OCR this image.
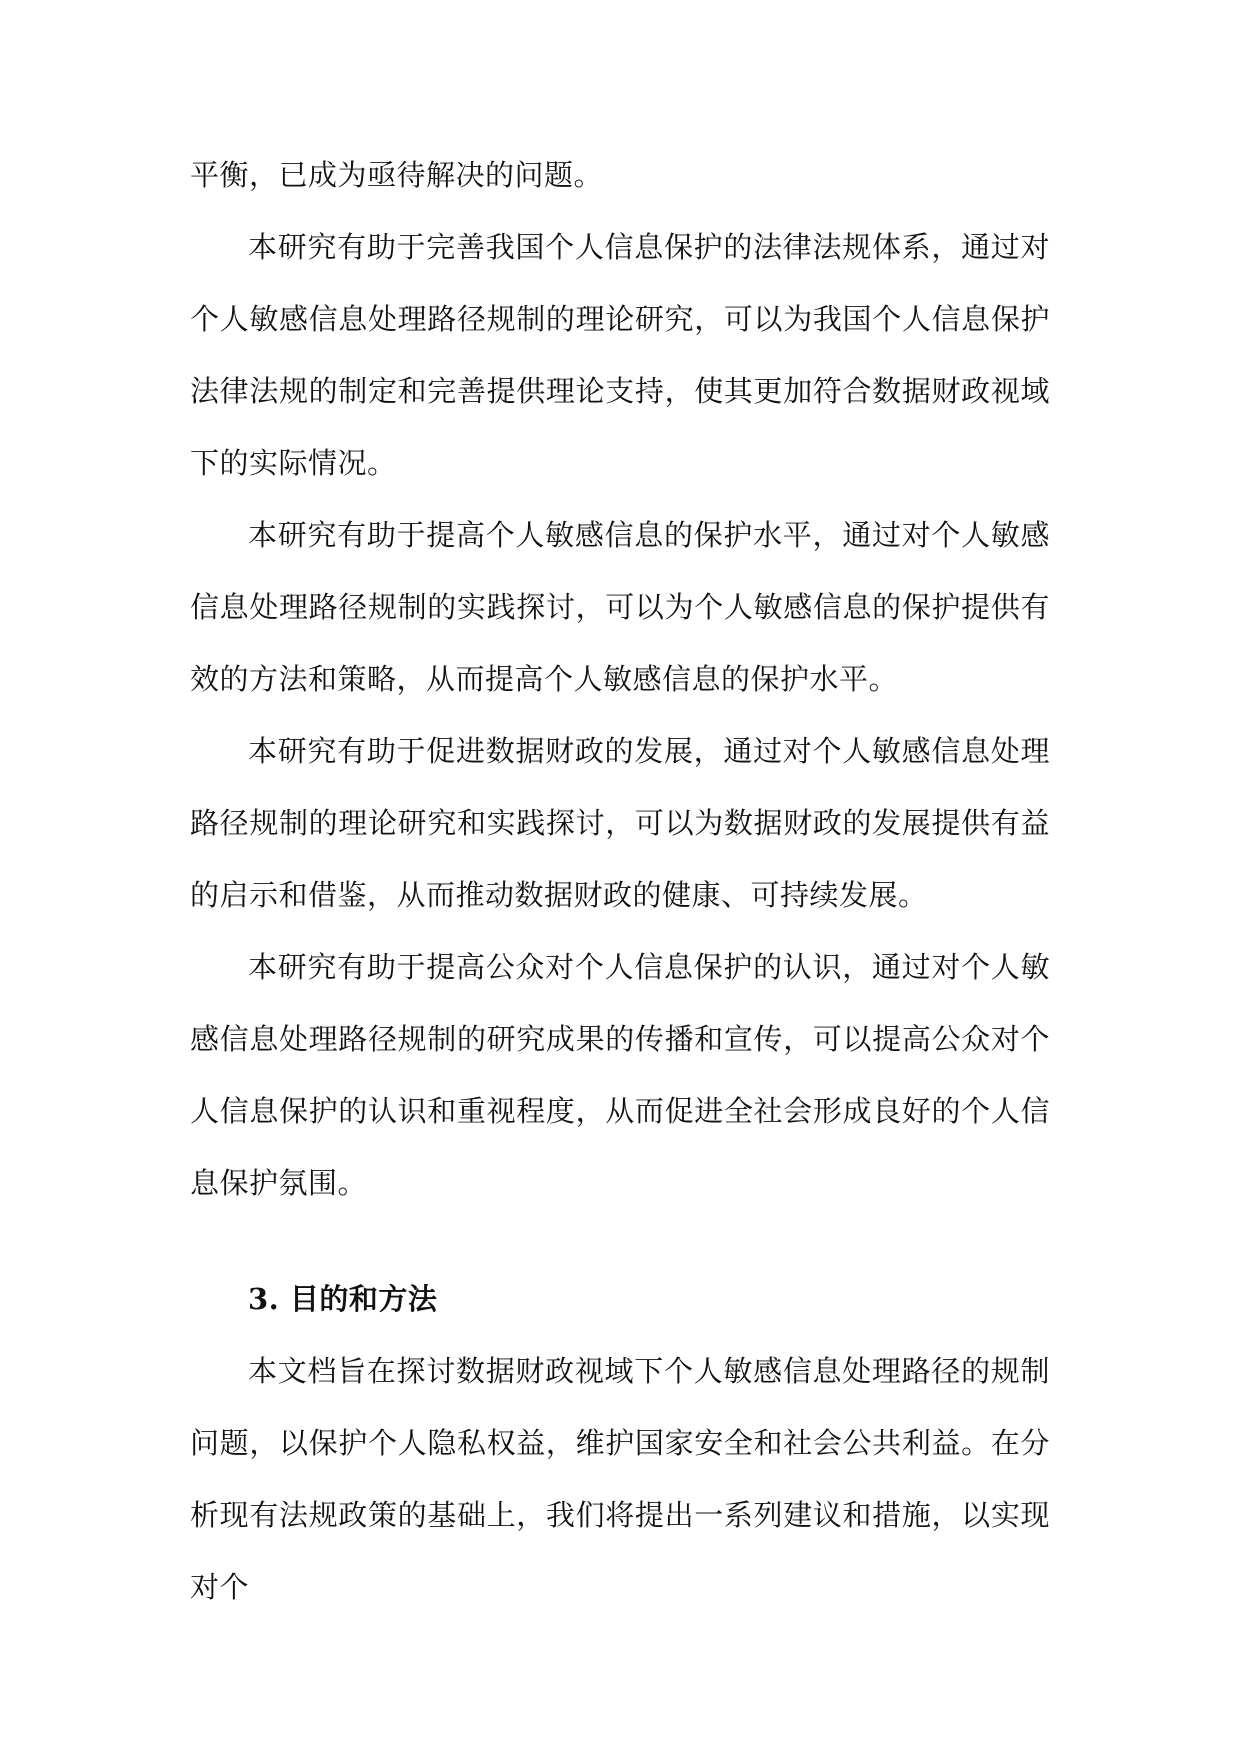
平衡，已成为亟待解决的问题。

本研究有助于完善我国个人信息保护的法律法规体系，通过对个人敏感信息处理路径规制的理论研究，可以为我国个人信息保护法律法规的制定和完善提供理论支持，使其更加符合数据财政视域下的实际情况。

本研究有助于提高个人敏感信息的保护水平，通过对个人敏感信息处理路径规制的实践探讨，可以为个人敏感信息的保护提供有效的方法和策略，从而提高个人敏感信息的保护水平。

本研究有助于促进数据财政的发展，通过对个人敏感信息处理路径规制的理论研究和实践探讨，可以为数据财政的发展提供有益的启示和借鉴，从而推动数据财政的健康、可持续发展。

本研究有助于提高公众对个人信息保护的认识，通过对个人敏感信息处理路径规制的研究成果的传播和宣传，可以提高公众对个人信息保护的认识和重视程度，从而促进全社会形成良好的个人信息保护氛围。

3. 目的和方法

本文档旨在探讨数据财政视域下个人敏感信息处理路径的规制问题，以保护个人隐私权益，维护国家安全和社会公共利益。在分析现有法规政策的基础上，我们将提出一系列建议和措施，以实现对个
